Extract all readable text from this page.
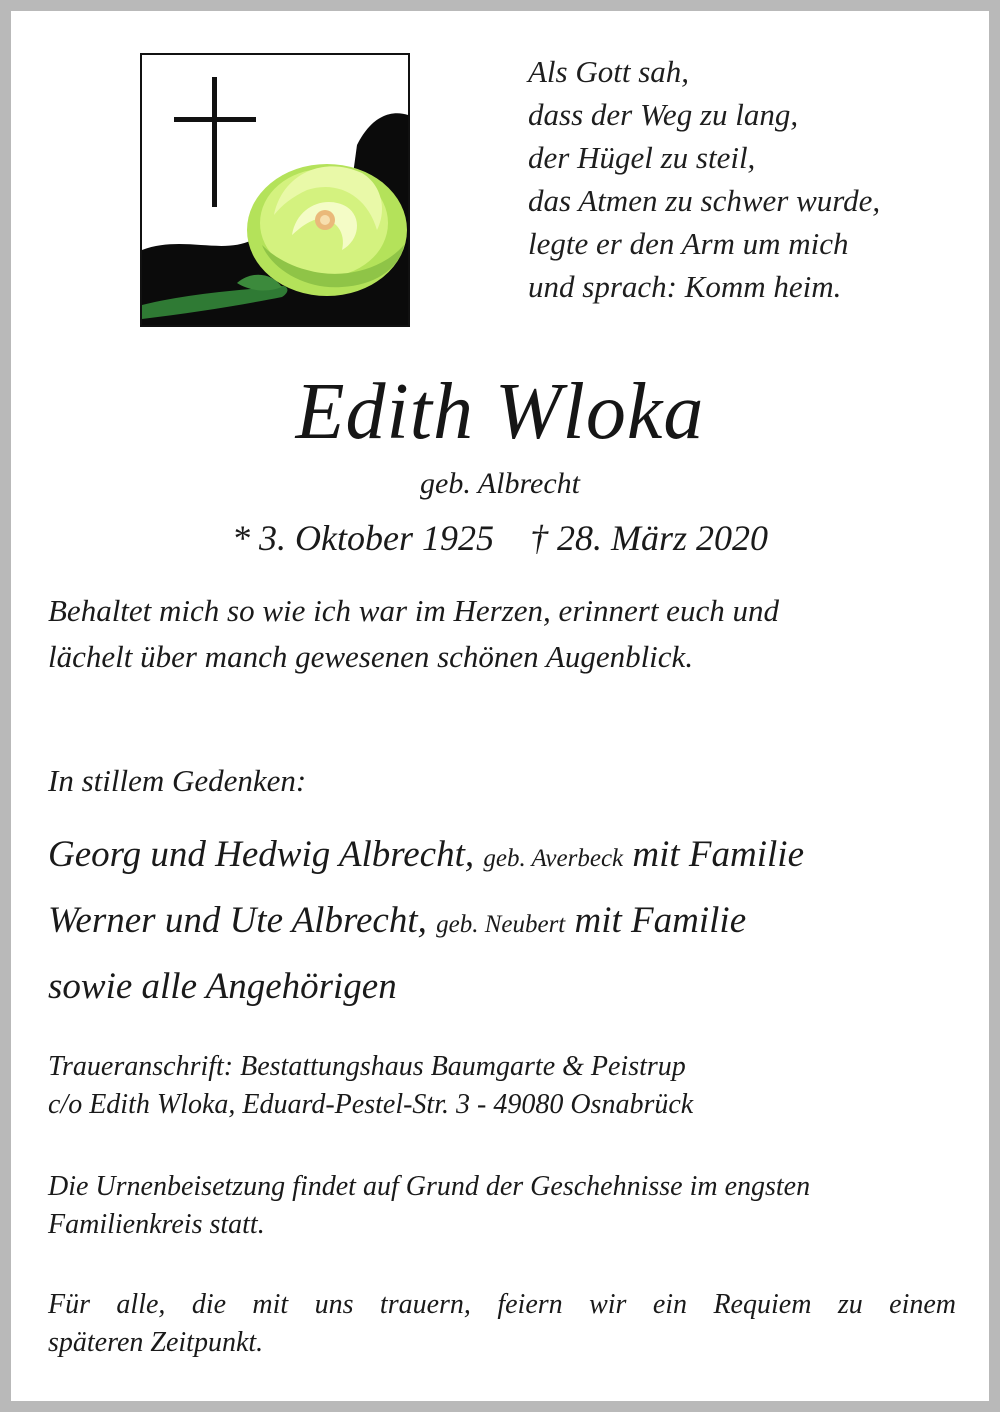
Als Gott sah,
dass der Weg zu lang,
der Hügel zu steil,
das Atmen zu schwer wurde,
legte er den Arm um mich
und sprach: Komm heim.
Edith Wloka
geb. Albrecht
* 3. Oktober 1925 † 28. März 2020
Behaltet mich so wie ich war im Herzen, erinnert euch und
lächelt über manch gewesenen schönen Augenblick.
In stillem Gedenken:
Georg und Hedwig Albrecht, geb. Averbeck mit Familie
Werner und Ute Albrecht, geb. Neubert mit Familie
sowie alle Angehörigen
Traueranschrift: Bestattungshaus Baumgarte & Peistrup
c/o Edith Wloka, Eduard-Pestel-Str. 3 - 49080 Osnabrück
Die Urnenbeisetzung findet auf Grund der Geschehnisse im engsten
Familienkreis statt.
Für alle, die mit uns trauern, feiern wir ein Requiem zu einem
späteren Zeitpunkt.
